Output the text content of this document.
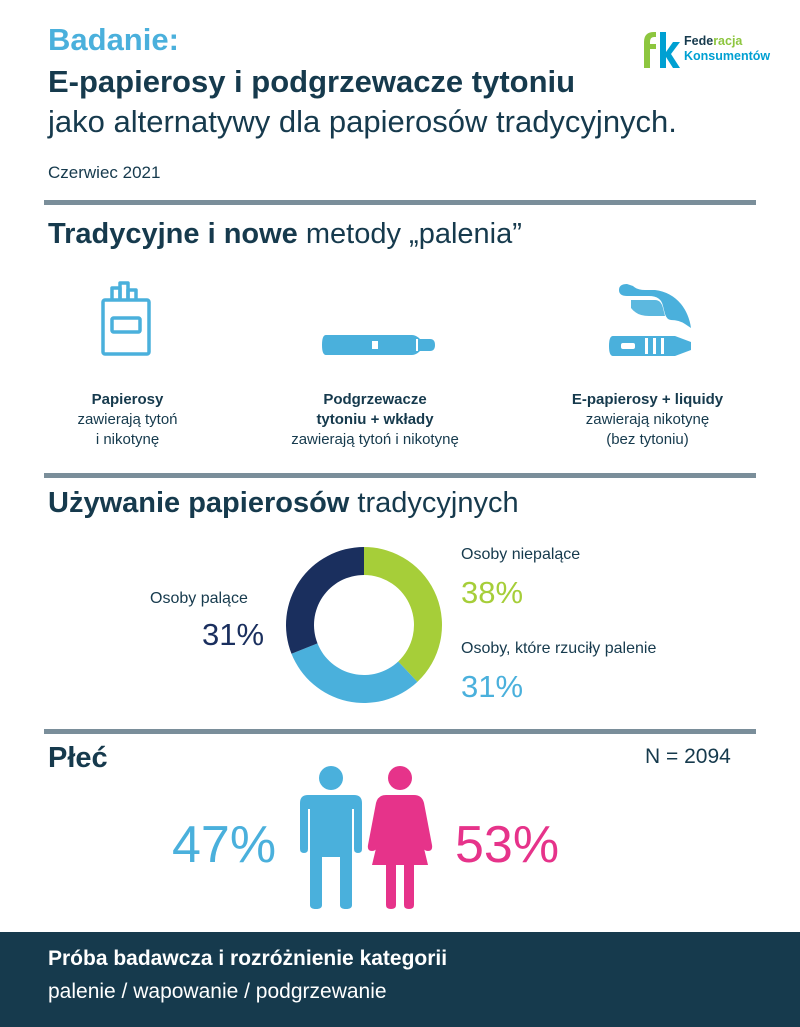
Badanie:
E-papierosy i podgrzewacze tytoniu
jako alternatywy dla papierosów tradycyjnych.
Czerwiec 2021
Federacja
Konsumentów
Tradycyjne i nowe metody „palenia”
Papierosy
zawierają tytoń
i nikotynę
Podgrzewacze
tytoniu + wkłady
zawierają tytoń i nikotynę
E-papierosy + liquidy
zawierają nikotynę
(bez tytoniu)
Używanie papierosów tradycyjnych
Osoby niepalące
38%
Osoby, które rzuciły palenie
31%
Osoby palące
31%
Płeć	N = 2094
47%	53%
Próba badawcza i rozróżnienie kategorii
palenie / wapowanie / podgrzewanie
